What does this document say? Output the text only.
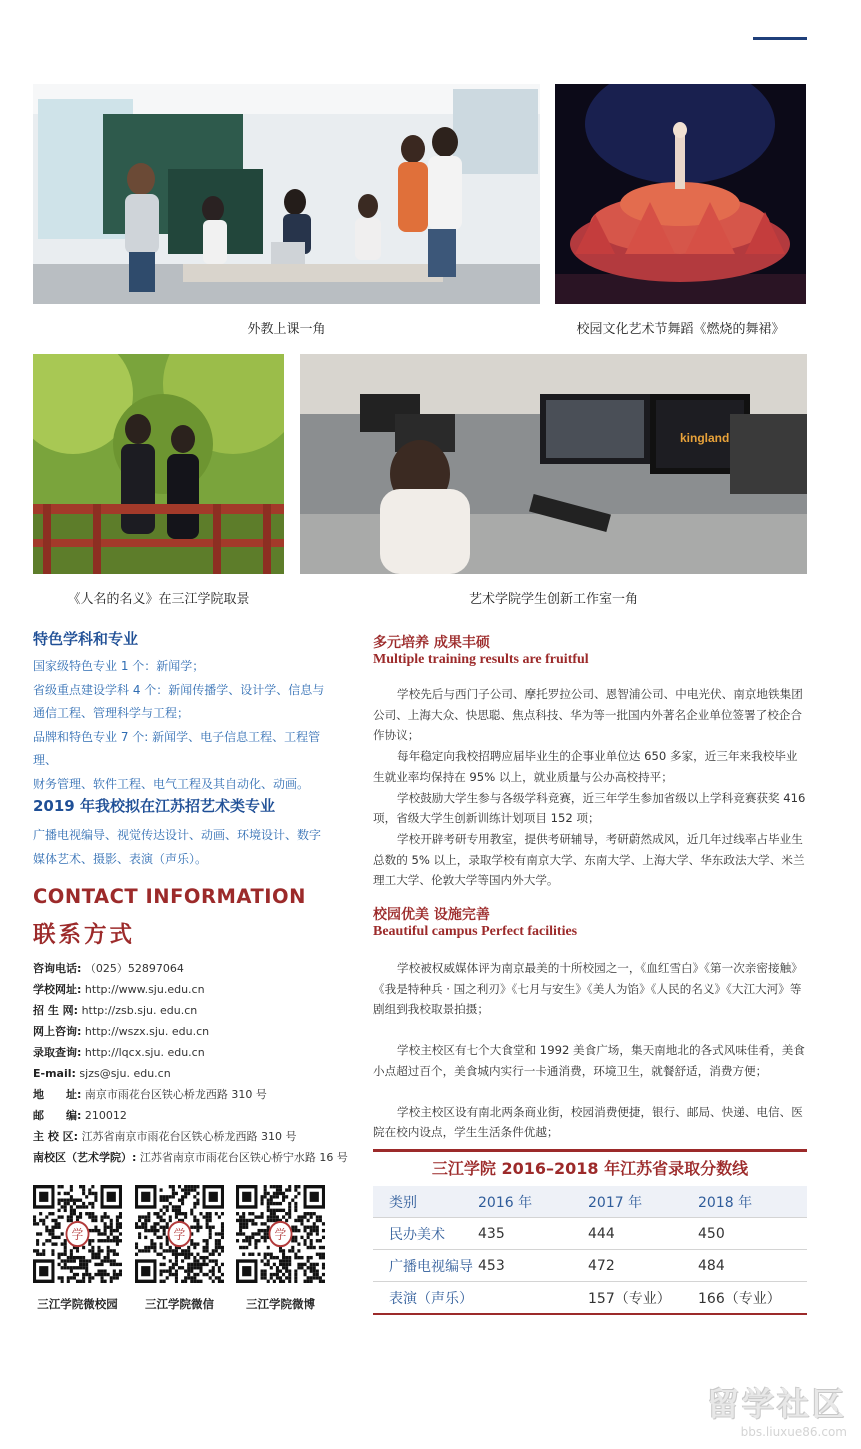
外教上课一角	校园文化艺术节舞蹈《燃烧的舞裙》
kingland
《人名的名义》在三江学院取景	艺术学院学生创新工作室一角
特色学科和专业
国家级特色专业 1 个：新闻学；
省级重点建设学科 4 个：新闻传播学、设计学、信息与
通信工程、管理科学与工程；
品牌和特色专业 7 个: 新闻学、电子信息工程、工程管理、
财务管理、软件工程、电气工程及其自动化、动画。
2019 年我校拟在江苏招艺术类专业
广播电视编导、视觉传达设计、动画、环境设计、数字
媒体艺术、摄影、表演（声乐）。
CONTACT INFORMATION
联系方式
咨询电话: （025）52897064
学校网址: http://www.sju.edu.cn
招 生 网: http://zsb.sju. edu.cn
网上咨询: http://wszx.sju. edu.cn
录取查询: http://lqcx.sju. edu.cn
E-mail: sjzs@sju. edu.cn
地　　址: 南京市雨花台区铁心桥龙西路 310 号
邮　　编: 210012
主 校 区: 江苏省南京市雨花台区铁心桥龙西路 310 号
南校区（艺术学院）: 江苏省南京市雨花台区铁心桥宁水路 16 号
学	学	学
三江学院微校园	三江学院微信	三江学院微博
多元培养 成果丰硕
Multiple training results are fruitful

学校先后与西门子公司、摩托罗拉公司、恩智浦公司、中电光伏、南京地铁集团公司、上海大众、快思聪、焦点科技、华为等一批国内外著名企业单位签署了校企合作协议；

每年稳定向我校招聘应届毕业生的企事业单位达 650 多家，近三年来我校毕业生就业率均保持在 95% 以上，就业质量与公办高校持平；

学校鼓励大学生参与各级学科竞赛，近三年学生参加省级以上学科竞赛获奖 416 项，省级大学生创新训练计划项目 152 项；

学校开辟考研专用教室，提供考研辅导，考研蔚然成风，近几年过线率占毕业生总数的 5% 以上，录取学校有南京大学、东南大学、上海大学、华东政法大学、米兰理工大学、伦敦大学等国内外大学。

校园优美 设施完善
Beautiful campus Perfect facilities

学校被权威媒体评为南京最美的十所校园之一，《血红雪白》《第一次亲密接触》《我是特种兵 · 国之利刃》《七月与安生》《美人为馅》《人民的名义》《大江大河》等剧组到我校取景拍摄；

学校主校区有七个大食堂和 1992 美食广场，集天南地北的各式风味佳肴，美食小点超过百个，美食城内实行一卡通消费，环境卫生，就餐舒适，消费方便；

学校主校区设有南北两条商业街，校园消费便捷，银行、邮局、快递、电信、医院在校内设点，学生生活条件优越；

三江学院 2016–2018 年江苏省录取分数线
类别	2016 年	2017 年	2018 年
民办美术	435	444	450
广播电视编导	453	472	484
表演（声乐）		157（专业）	166（专业）
留学社区
bbs.liuxue86.com
